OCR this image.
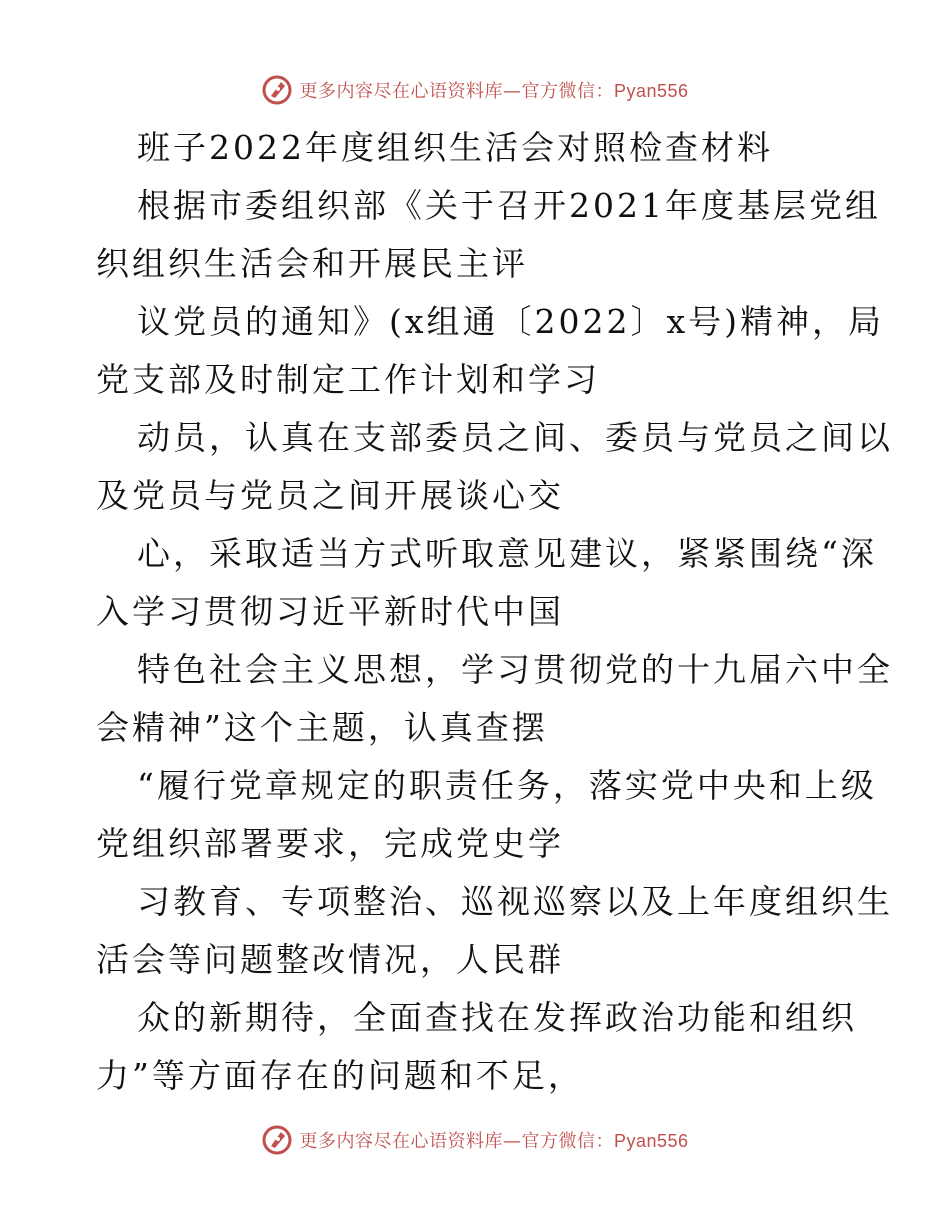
更多内容尽在心语资料库—官方微信：Pyan556
班子2022年度组织生活会对照检查材料
根据市委组织部《关于召开2021年度基层党组
织组织生活会和开展民主评
议党员的通知》(x组通〔2022〕x号)精神，局
党支部及时制定工作计划和学习
动员，认真在支部委员之间、委员与党员之间以
及党员与党员之间开展谈心交
心，采取适当方式听取意见建议，紧紧围绕“深
入学习贯彻习近平新时代中国
特色社会主义思想，学习贯彻党的十九届六中全
会精神”这个主题，认真查摆
“履行党章规定的职责任务，落实党中央和上级
党组织部署要求，完成党史学
习教育、专项整治、巡视巡察以及上年度组织生
活会等问题整改情况，人民群
众的新期待，全面查找在发挥政治功能和组织
力”等方面存在的问题和不足，
更多内容尽在心语资料库—官方微信：Pyan556
